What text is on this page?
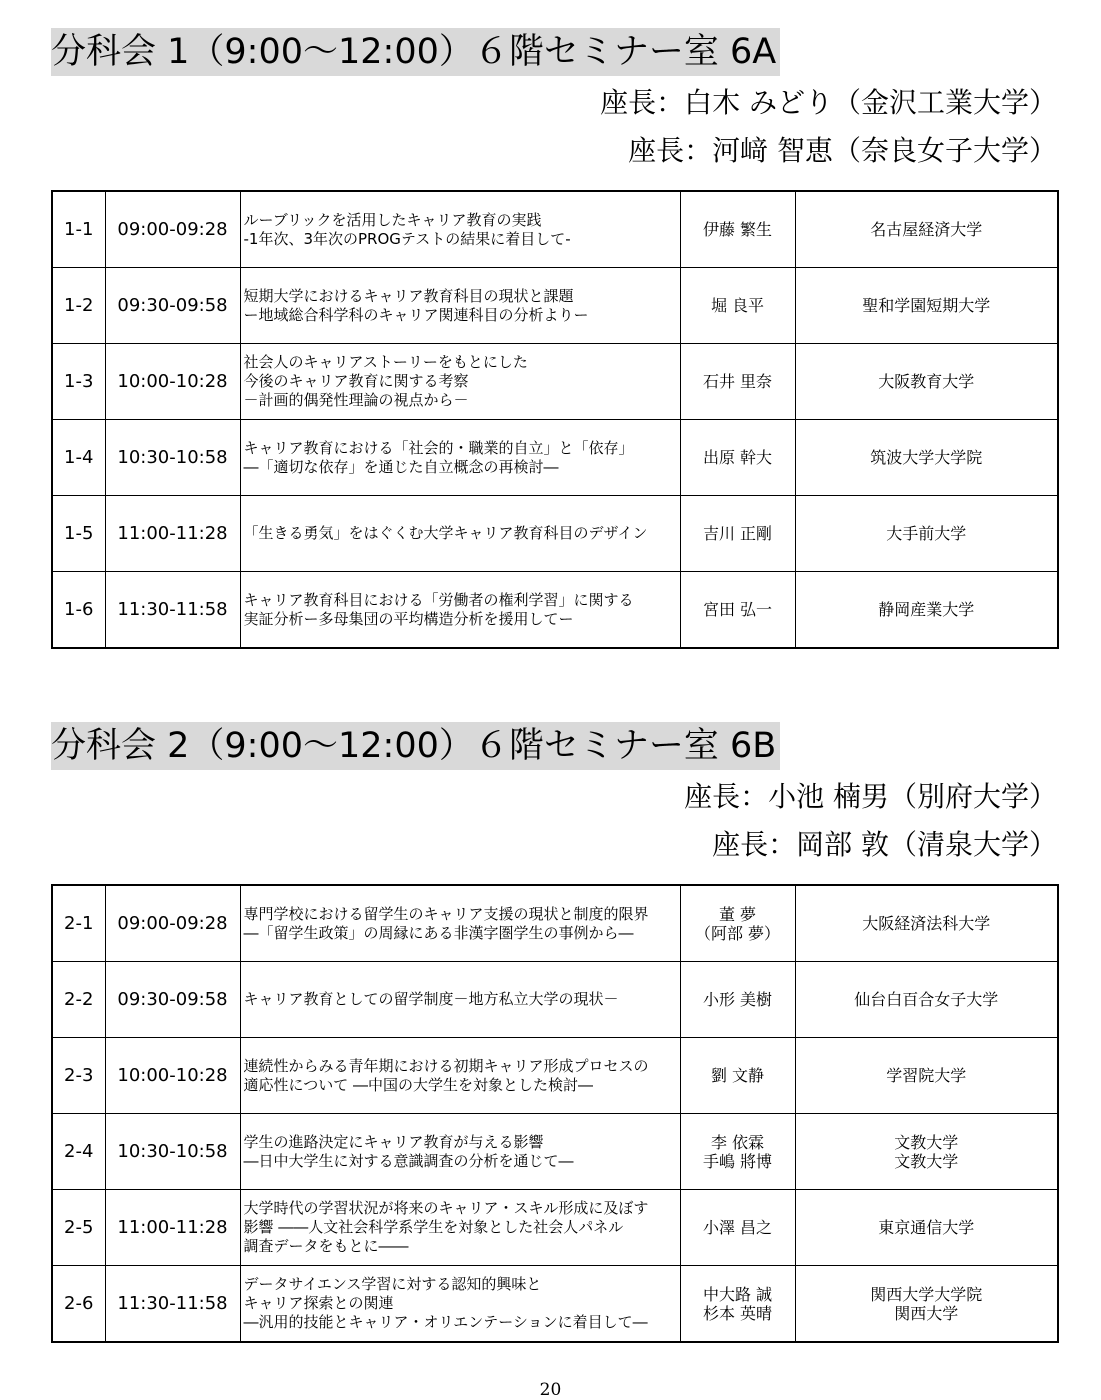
分科会 1（9:00～12:00）６階セミナー室 6A
座長：白木 みどり（金沢工業大学）
座長：河﨑 智恵（奈良女子大学）
1-1	09:00-09:28	ルーブリックを活用したキャリア教育の実践
-1年次、3年次のPROGテストの結果に着目して-	伊藤 繁生	名古屋経済大学

1-2	09:30-09:58	短期大学におけるキャリア教育科目の現状と課題
ー地域総合科学科のキャリア関連科目の分析よりー	堀 良平	聖和学園短期大学

1-3	10:00-10:28	社会人のキャリアストーリーをもとにした
今後のキャリア教育に関する考察
－計画的偶発性理論の視点から－	石井 里奈	大阪教育大学

1-4	10:30-10:58	キャリア教育における「社会的・職業的自立」と「依存」
―「適切な依存」を通じた自立概念の再検討―	出原 幹大	筑波大学大学院

1-5	11:00-11:28	「生きる勇気」をはぐくむ大学キャリア教育科目のデザイン	吉川 正剛	大手前大学

1-6	11:30-11:58	キャリア教育科目における「労働者の権利学習」に関する
実証分析ー多母集団の平均構造分析を援用してー	宮田 弘一	静岡産業大学
分科会 2（9:00～12:00）６階セミナー室 6B
座長：小池 楠男（別府大学）
座長：岡部 敦（清泉大学）
2-1	09:00-09:28	専門学校における留学生のキャリア支援の現状と制度的限界
―「留学生政策」の周縁にある非漢字圏学生の事例から―	董 夢
（阿部 夢）	大阪経済法科大学

2-2	09:30-09:58	キャリア教育としての留学制度－地方私立大学の現状－	小形 美樹	仙台白百合女子大学

2-3	10:00-10:28	連続性からみる青年期における初期キャリア形成プロセスの
適応性について ―中国の大学生を対象とした検討―	劉 文静	学習院大学

2-4	10:30-10:58	学生の進路決定にキャリア教育が与える影響
―日中大学生に対する意識調査の分析を通じて―	李 依霖
手嶋 將博	文教大学
文教大学

2-5	11:00-11:28	大学時代の学習状況が将来のキャリア・スキル形成に及ぼす
影響 ――人文社会科学系学生を対象とした社会人パネル
調査データをもとに――	小澤 昌之	東京通信大学

2-6	11:30-11:58	データサイエンス学習に対する認知的興味と
キャリア探索との関連
―汎用的技能とキャリア・オリエンテーションに着目して―	中大路 誠
杉本 英晴	関西大学大学院
関西大学
20
